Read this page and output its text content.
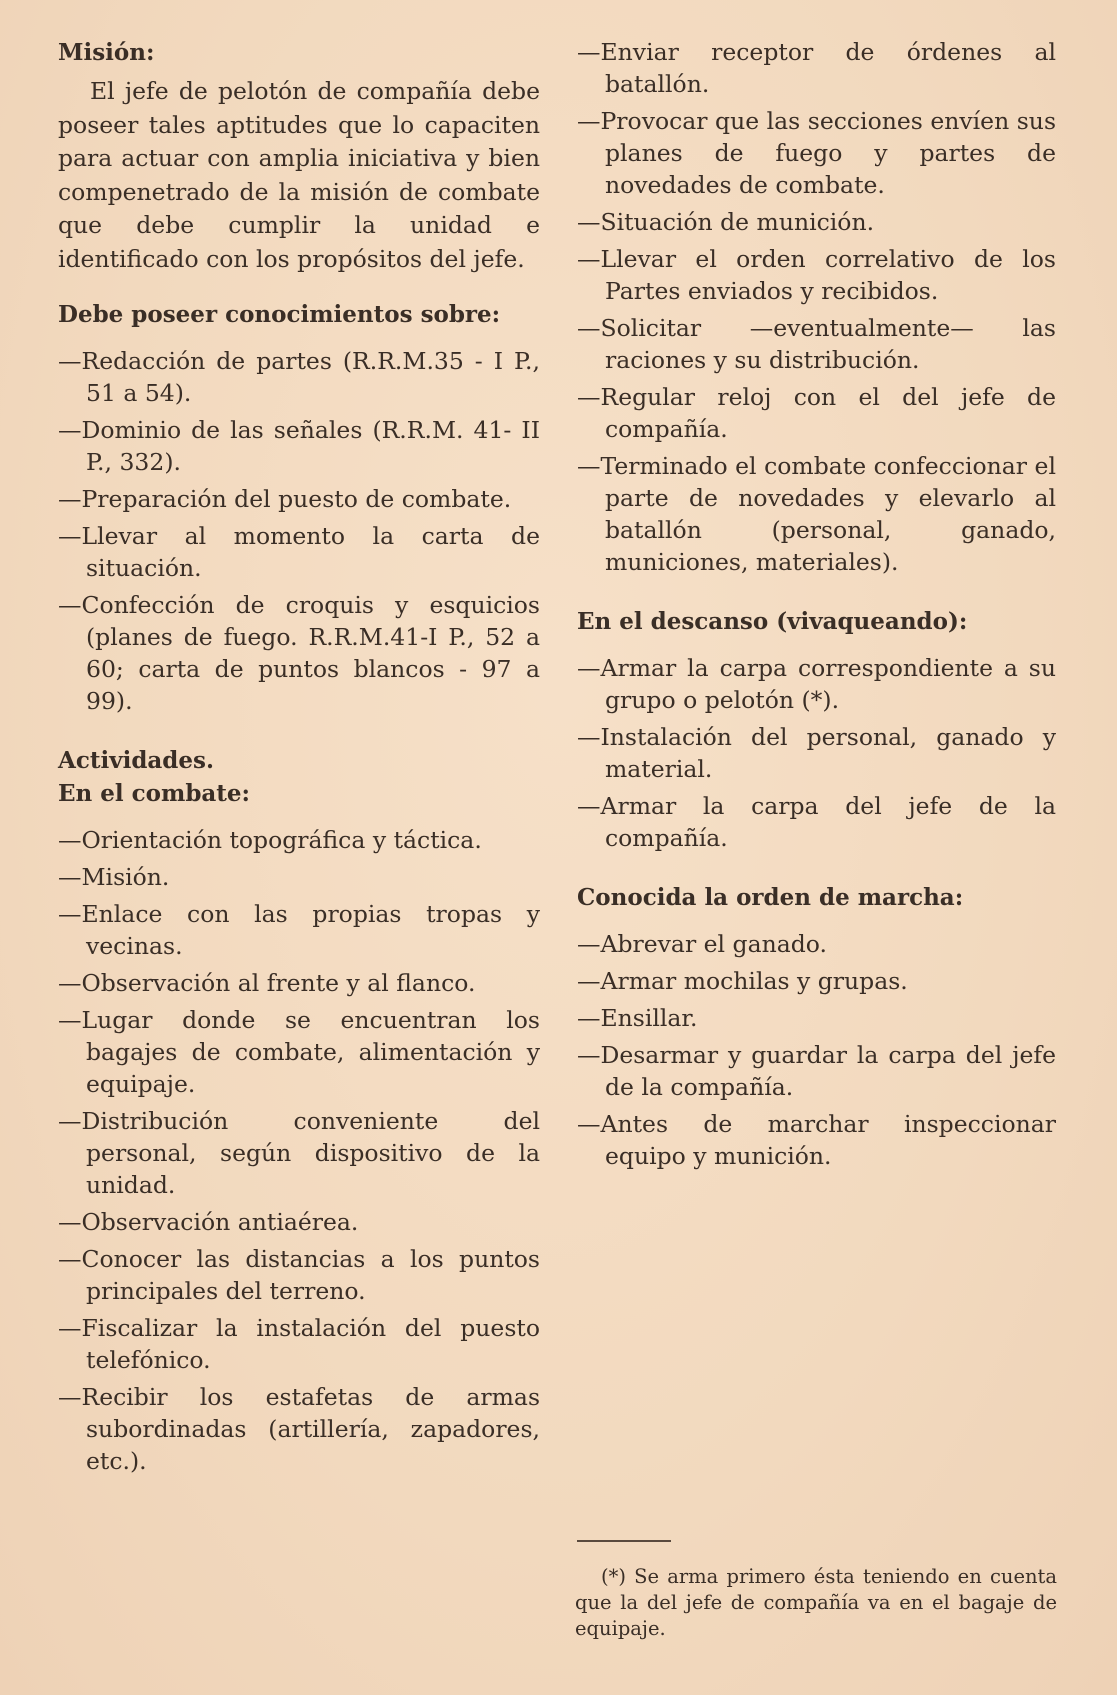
Misión:

El jefe de pelotón de compañía debe poseer tales aptitudes que lo capaciten para actuar con amplia iniciativa y bien compenetrado de la misión de combate que debe cumplir la unidad e identificado con los propósitos del jefe.

Debe poseer conocimientos sobre:

—Redacción de partes (R.R.M.35 - I P., 51 a 54).
—Dominio de las señales (R.R.M. 41- II P., 332).
—Preparación del puesto de combate.
—Llevar al momento la carta de situación.
—Confección de croquis y esquicios (planes de fuego. R.R.M.41-I P., 52 a 60; carta de puntos blancos - 97 a 99).

Actividades.

En el combate:

—Orientación topográfica y táctica.
—Misión.
—Enlace con las propias tropas y vecinas.
—Observación al frente y al flanco.
—Lugar donde se encuentran los bagajes de combate, alimentación y equipaje.
—Distribución conveniente del personal, según dispositivo de la unidad.
—Observación antiaérea.
—Conocer las distancias a los puntos principales del terreno.
—Fiscalizar la instalación del puesto telefónico.
—Recibir los estafetas de armas subordinadas (artillería, zapadores, etc.).
—Enviar receptor de órdenes al batallón.
—Provocar que las secciones envíen sus planes de fuego y partes de novedades de combate.
—Situación de munición.
—Llevar el orden correlativo de los Partes enviados y recibidos.
—Solicitar —eventualmente— las raciones y su distribución.
—Regular reloj con el del jefe de compañía.
—Terminado el combate confeccionar el parte de novedades y elevarlo al batallón (personal, ganado, municiones, materiales).

En el descanso (vivaqueando):

—Armar la carpa correspondiente a su grupo o pelotón (*).
—Instalación del personal, ganado y material.
—Armar la carpa del jefe de la compañía.

Conocida la orden de marcha:

—Abrevar el ganado.
—Armar mochilas y grupas.
—Ensillar.
—Desarmar y guardar la carpa del jefe de la compañía.
—Antes de marchar inspeccionar equipo y munición.

(*) Se arma primero ésta teniendo en cuenta que la del jefe de compañía va en el bagaje de equipaje.
